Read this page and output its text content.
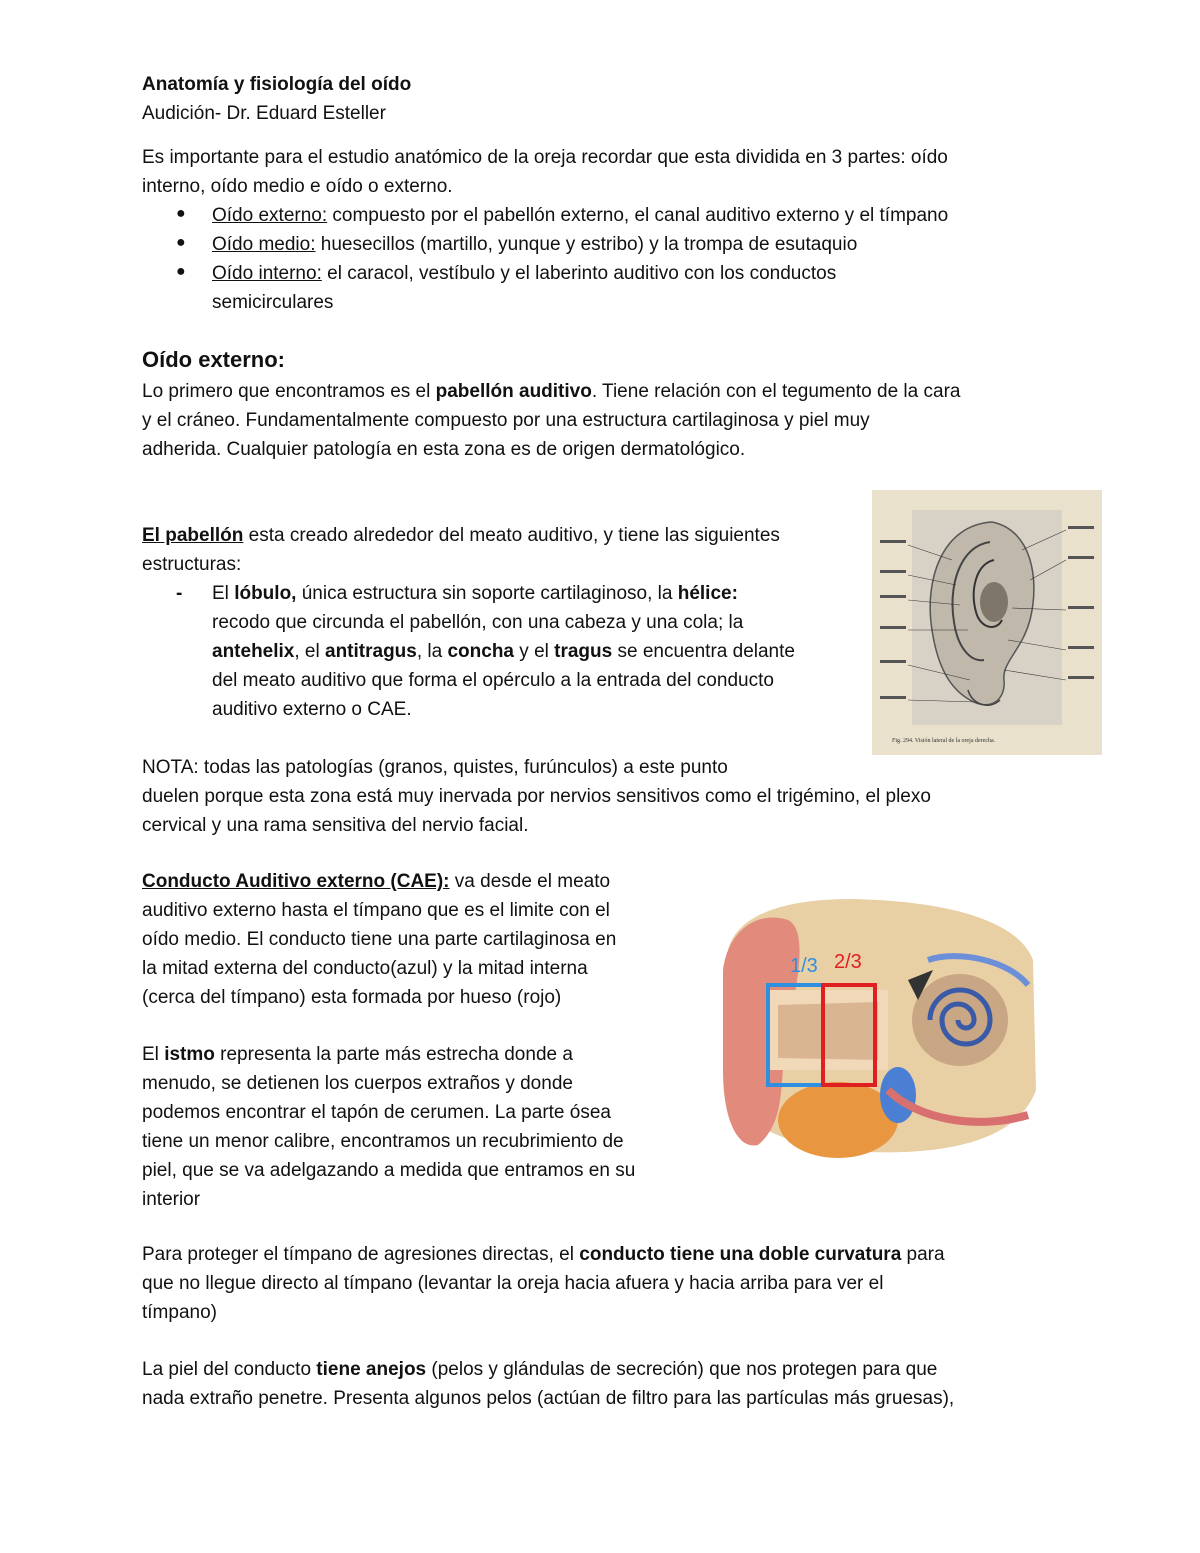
Anatomía y fisiología del oído
Audición- Dr. Eduard Esteller
Es importante para el estudio anatómico de la oreja recordar que esta dividida en 3 partes: oído
interno, oído medio e oído o externo.
● Oído externo: compuesto por el pabellón externo, el canal auditivo externo y el tímpano
● Oído medio: huesecillos (martillo, yunque y estribo) y la trompa de esutaquio
● Oído interno: el caracol, vestíbulo y el laberinto auditivo con los conductos
semicirculares
Oído externo:
Lo primero que encontramos es el pabellón auditivo. Tiene relación con el tegumento de la cara
y el cráneo. Fundamentalmente compuesto por una estructura cartilaginosa y piel muy
adherida. Cualquier patología en esta zona es de origen dermatológico.
El pabellón esta creado alrededor del meato auditivo, y tiene las siguientes
estructuras:
- El lóbulo, única estructura sin soporte cartilaginoso, la hélice:
recodo que circunda el pabellón, con una cabeza y una cola; la
antehelix, el antitragus, la concha y el tragus se encuentra delante
del meato auditivo que forma el opérculo a la entrada del conducto
auditivo externo o CAE.
Fig. 294. Visión lateral de la oreja derecha.
NOTA: todas las patologías (granos, quistes, furúnculos) a este punto
duelen porque esta zona está muy inervada por nervios sensitivos como el trigémino, el plexo
cervical y una rama sensitiva del nervio facial.
Conducto Auditivo externo (CAE): va desde el meato
auditivo externo hasta el tímpano que es el limite con el
oído medio. El conducto tiene una parte cartilaginosa en
la mitad externa del conducto(azul) y la mitad interna
(cerca del tímpano) esta formada por hueso (rojo)
1/3 2/3
El istmo representa la parte más estrecha donde a
menudo, se detienen los cuerpos extraños y donde
podemos encontrar el tapón de cerumen. La parte ósea
tiene un menor calibre, encontramos un recubrimiento de
piel, que se va adelgazando a medida que entramos en su
interior
Para proteger el tímpano de agresiones directas, el conducto tiene una doble curvatura para
que no llegue directo al tímpano (levantar la oreja hacia afuera y hacia arriba para ver el
tímpano)
La piel del conducto tiene anejos (pelos y glándulas de secreción) que nos protegen para que
nada extraño penetre. Presenta algunos pelos (actúan de filtro para las partículas más gruesas),
